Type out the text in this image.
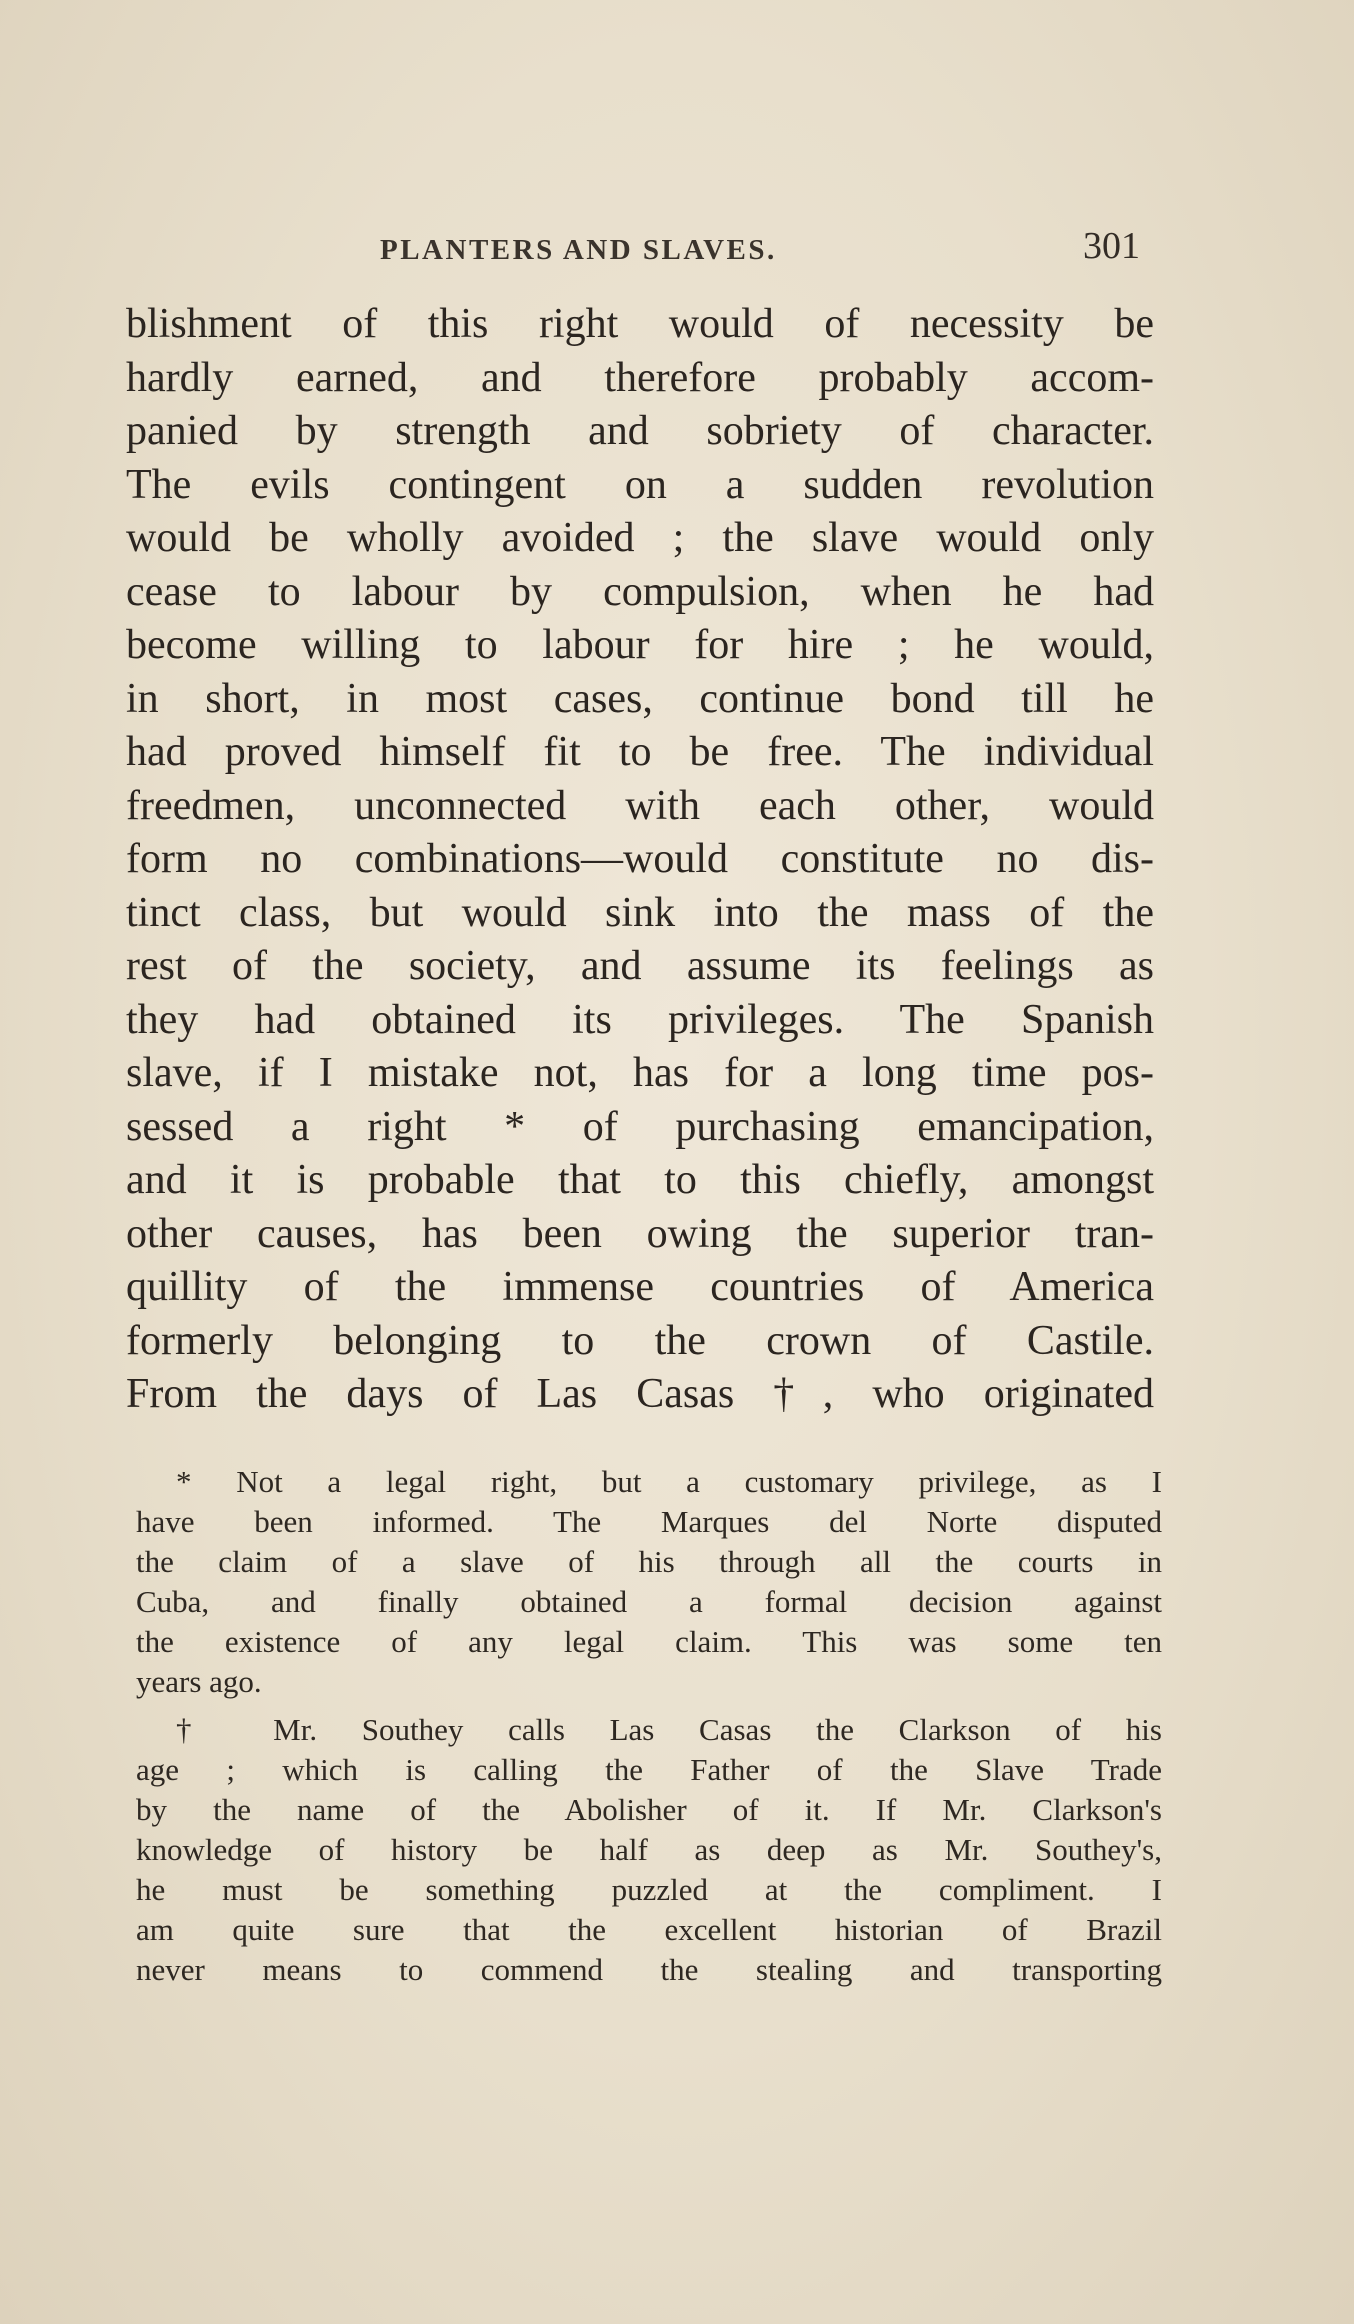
PLANTERS AND SLAVES.	301
blishment of this right would of necessity be
hardly earned, and therefore probably accom-
panied by strength and sobriety of character.
The evils contingent on a sudden revolution
would be wholly avoided ; the slave would only
cease to labour by compulsion, when he had
become willing to labour for hire ; he would,
in short, in most cases, continue bond till he
had proved himself fit to be free. The individual
freedmen, unconnected with each other, would
form no combinations—would constitute no dis-
tinct class, but would sink into the mass of the
rest of the society, and assume its feelings as
they had obtained its privileges. The Spanish
slave, if I mistake not, has for a long time pos-
sessed a right * of purchasing emancipation,
and it is probable that to this chiefly, amongst
other causes, has been owing the superior tran-
quillity of the immense countries of America
formerly belonging to the crown of Castile.
From the days of Las Casas †, who originated
* Not a legal right, but a customary privilege, as I
have been informed. The Marques del Norte disputed
the claim of a slave of his through all the courts in
Cuba, and finally obtained a formal decision against
the existence of any legal claim. This was some ten
years ago.
† Mr. Southey calls Las Casas the Clarkson of his
age ; which is calling the Father of the Slave Trade
by the name of the Abolisher of it. If Mr. Clarkson's
knowledge of history be half as deep as Mr. Southey's,
he must be something puzzled at the compliment. I
am quite sure that the excellent historian of Brazil
never means to commend the stealing and transporting
